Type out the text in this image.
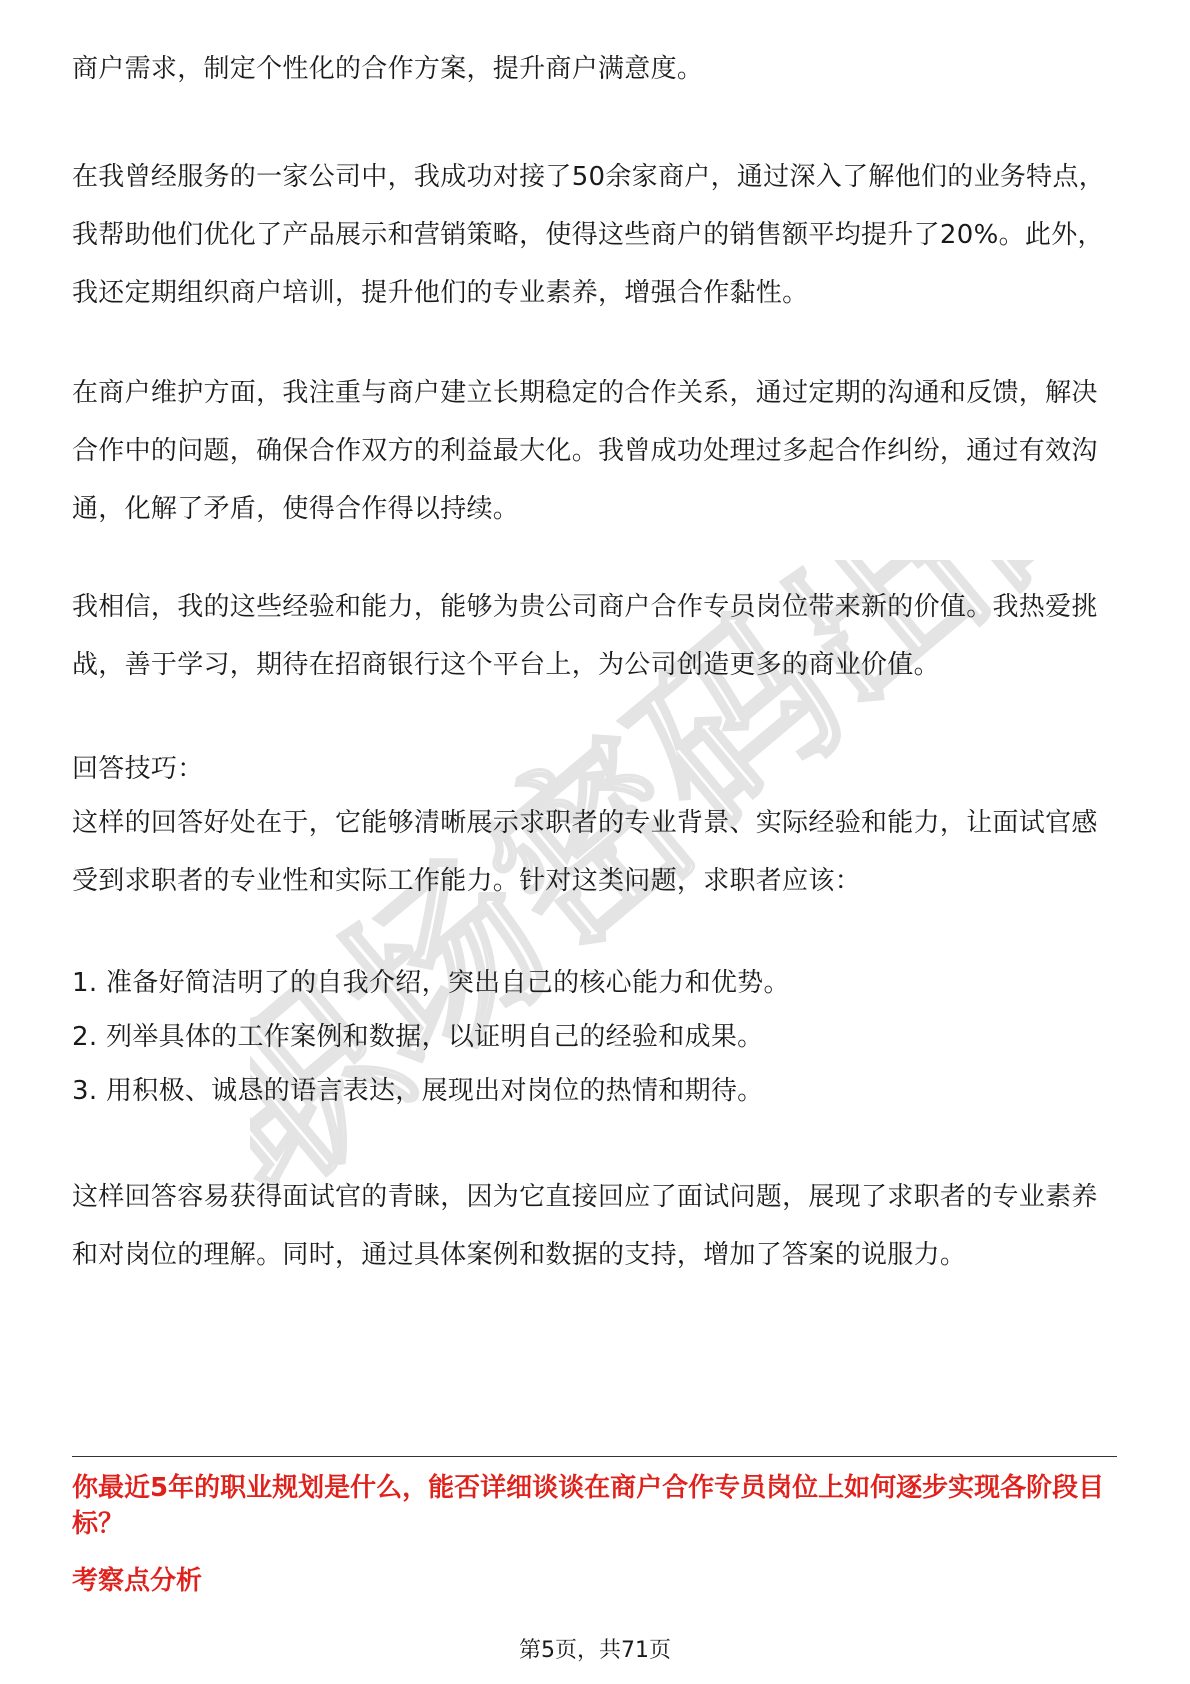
职场密码出品

商户需求，制定个性化的合作方案，提升商户满意度。

在我曾经服务的一家公司中，我成功对接了50余家商户，通过深入了解他们的业务特点，我帮助他们优化了产品展示和营销策略，使得这些商户的销售额平均提升了20%。此外，我还定期组织商户培训，提升他们的专业素养，增强合作黏性。

在商户维护方面，我注重与商户建立长期稳定的合作关系，通过定期的沟通和反馈，解决合作中的问题，确保合作双方的利益最大化。我曾成功处理过多起合作纠纷，通过有效沟通，化解了矛盾，使得合作得以持续。

我相信，我的这些经验和能力，能够为贵公司商户合作专员岗位带来新的价值。我热爱挑战，善于学习，期待在招商银行这个平台上，为公司创造更多的商业价值。

回答技巧：

这样的回答好处在于，它能够清晰展示求职者的专业背景、实际经验和能力，让面试官感受到求职者的专业性和实际工作能力。针对这类问题，求职者应该：

1. 准备好简洁明了的自我介绍，突出自己的核心能力和优势。

2. 列举具体的工作案例和数据，以证明自己的经验和成果。

3. 用积极、诚恳的语言表达，展现出对岗位的热情和期待。

这样回答容易获得面试官的青睐，因为它直接回应了面试问题，展现了求职者的专业素养和对岗位的理解。同时，通过具体案例和数据的支持，增加了答案的说服力。

你最近5年的职业规划是什么，能否详细谈谈在商户合作专员岗位上如何逐步实现各阶段目标？

考察点分析

第5页，共71页
